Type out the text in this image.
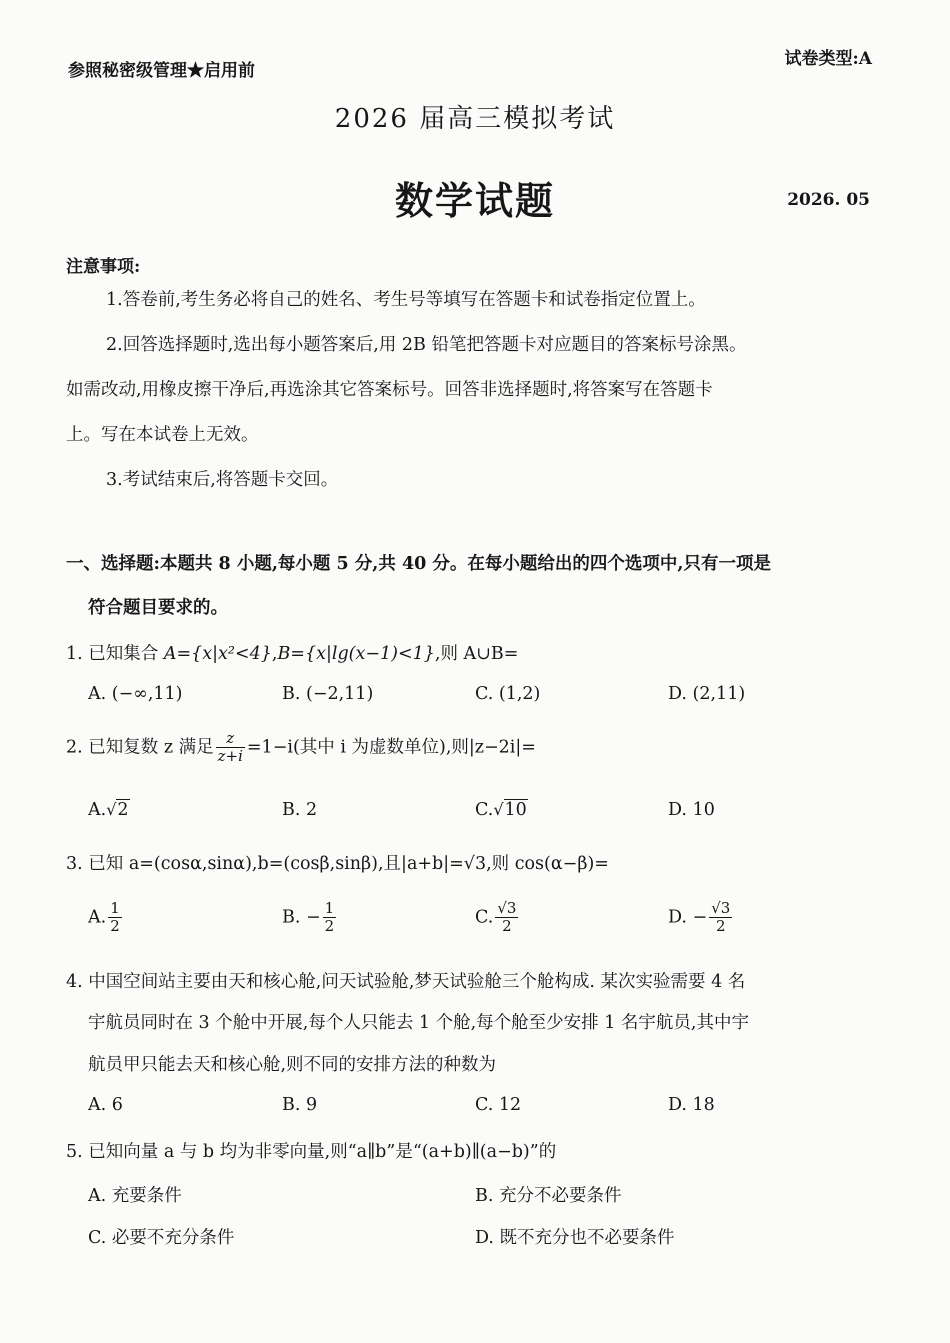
参照秘密级管理★启用前
试卷类型:A
2026 届高三模拟考试
数学试题	2026. 05
注意事项:
1.答卷前,考生务必将自己的姓名、考生号等填写在答题卡和试卷指定位置上。
2.回答选择题时,选出每小题答案后,用 2B 铅笔把答题卡对应题目的答案标号涂黑。
如需改动,用橡皮擦干净后,再选涂其它答案标号。回答非选择题时,将答案写在答题卡
上。写在本试卷上无效。
3.考试结束后,将答题卡交回。
一、选择题:本题共 8 小题,每小题 5 分,共 40 分。在每小题给出的四个选项中,只有一项是
符合题目要求的。
1. 已知集合 A={x|x²<4},B={x|lg(x−1)<1},则 A∪B=
A. (−∞,11)	B. (−2,11)	C. (1,2)	D. (2,11)
2. 已知复数 z 满足 $\frac{z}{z+i} =1-i$(其中 i 为虚数单位),则|z−2i|=
A.√2	B. 2	C.√10	D. 10
3. 已知 a=(cosα,sinα),b=(cosβ,sinβ),且|a+b|=√3,则 cos(α−β)=
A. $\frac{1}{2}$	B. − $\frac{1}{2}$	C. $\frac{√3}{2}$	D. − $\frac{√3}{2}$
4. 中国空间站主要由天和核心舱,问天试验舱,梦天试验舱三个舱构成. 某次实验需要 4 名
宇航员同时在 3 个舱中开展,每个人只能去 1 个舱,每个舱至少安排 1 名宇航员,其中宇
航员甲只能去天和核心舱,则不同的安排方法的种数为
A. 6	B. 9	C. 12	D. 18
5. 已知向量 a 与 b 均为非零向量,则“a∥b”是“(a+b)∥(a−b)”的
A. 充要条件	B. 充分不必要条件
C. 必要不充分条件	D. 既不充分也不必要条件
